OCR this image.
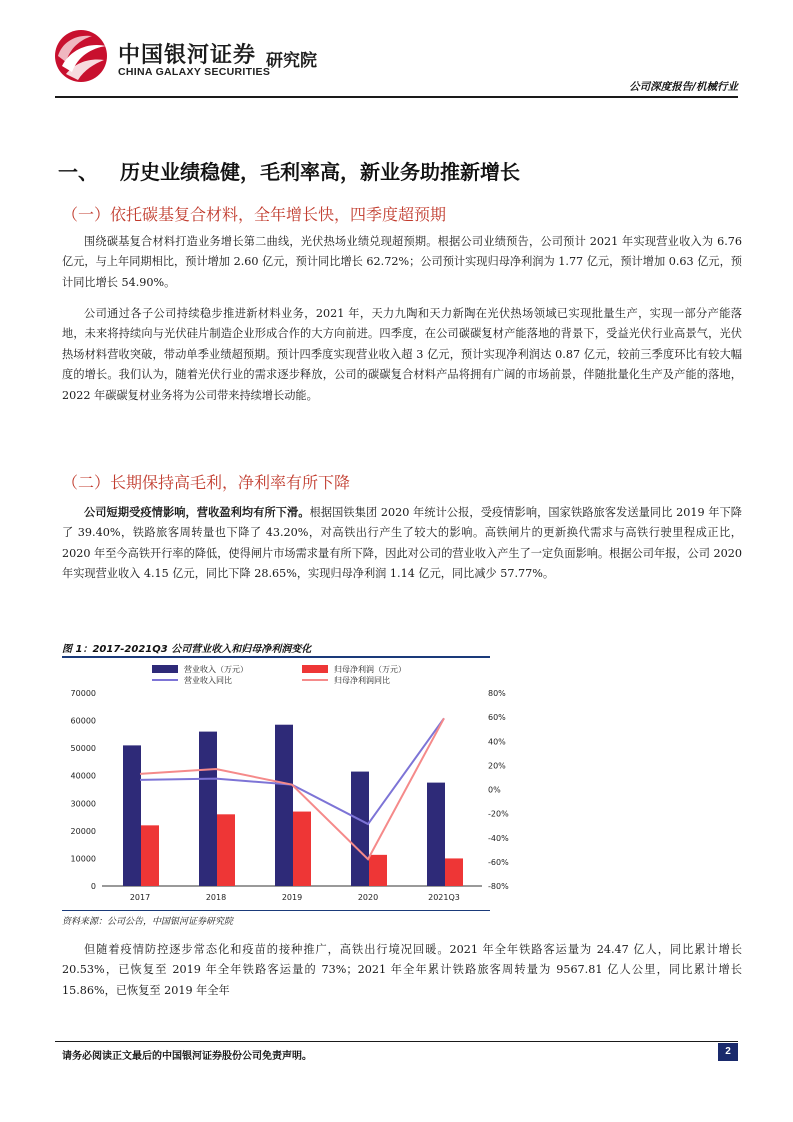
中国银河证券
CHINA GALAXY SECURITIES
研究院
公司深度报告/机械行业
一、 历史业绩稳健，毛利率高，新业务助推新增长
（一）依托碳基复合材料，全年增长快，四季度超预期
围绕碳基复合材料打造业务增长第二曲线，光伏热场业绩兑现超预期。根据公司业绩预告，公司预计 2021 年实现营业收入为 6.76 亿元，与上年同期相比，预计增加 2.60 亿元，预计同比增长 62.72%；公司预计实现归母净利润为 1.77 亿元，预计增加 0.63 亿元，预计同比增长 54.90%。
公司通过各子公司持续稳步推进新材料业务，2021 年，天力九陶和天力新陶在光伏热场领域已实现批量生产，实现一部分产能落地，未来将持续向与光伏硅片制造企业形成合作的大方向前进。四季度，在公司碳碳复材产能落地的背景下，受益光伏行业高景气，光伏热场材料营收突破，带动单季业绩超预期。预计四季度实现营业收入超 3 亿元，预计实现净利润达 0.87 亿元，较前三季度环比有较大幅度的增长。我们认为，随着光伏行业的需求逐步释放，公司的碳碳复合材料产品将拥有广阔的市场前景，伴随批量化生产及产能的落地，2022 年碳碳复材业务将为公司带来持续增长动能。
（二）长期保持高毛利，净利率有所下降
公司短期受疫情影响，营收盈利均有所下滑。根据国铁集团 2020 年统计公报，受疫情影响，国家铁路旅客发送量同比 2019 年下降了 39.40%，铁路旅客周转量也下降了 43.20%，对高铁出行产生了较大的影响。高铁闸片的更新换代需求与高铁行驶里程成正比，2020 年至今高铁开行率的降低，使得闸片市场需求量有所下降，因此对公司的营业收入产生了一定负面影响。根据公司年报，公司 2020 年实现营业收入 4.15 亿元，同比下降 28.65%，实现归母净利润 1.14 亿元，同比减少 57.77%。
图 1：2017-2021Q3 公司营业收入和归母净利润变化
营业收入（万元）	归母净利润（万元）
营业收入同比	归母净利润同比
0
10000
20000
30000
40000
50000
60000
70000
-80%
-60%
-40%
-20%
0%
20%
40%
60%
80%
2017	2018	2019	2020	2021Q3
资料来源：公司公告，中国银河证券研究院
但随着疫情防控逐步常态化和疫苗的接种推广，高铁出行境况回暖。2021 年全年铁路客运量为 24.47 亿人，同比累计增长 20.53%，已恢复至 2019 年全年铁路客运量的 73%；2021 年全年累计铁路旅客周转量为 9567.81 亿人公里，同比累计增长 15.86%，已恢复至 2019 年全年
请务必阅读正文最后的中国银河证券股份公司免责声明。	2
